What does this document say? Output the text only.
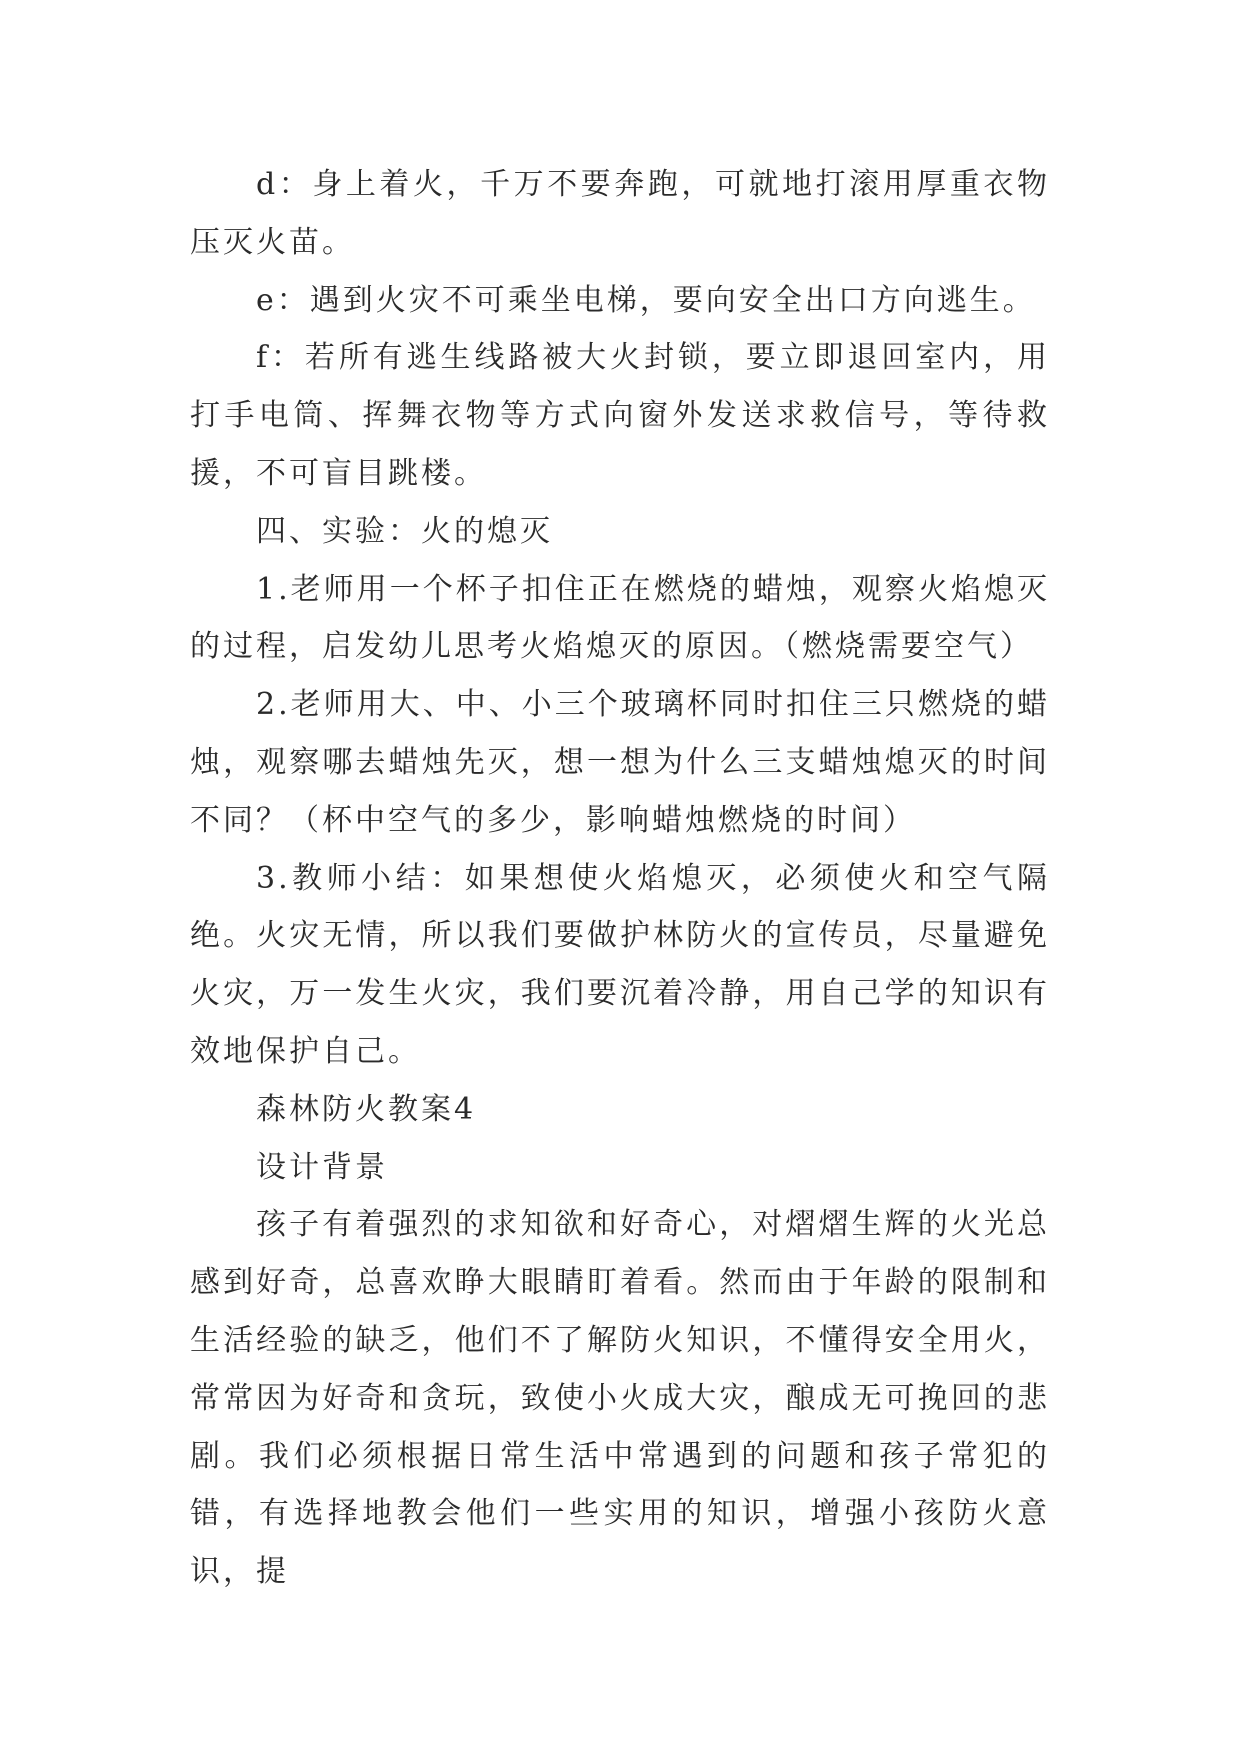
d：身上着火，千万不要奔跑，可就地打滚用厚重衣物压灭火苗。

e：遇到火灾不可乘坐电梯，要向安全出口方向逃生。

f：若所有逃生线路被大火封锁，要立即退回室内，用打手电筒、挥舞衣物等方式向窗外发送求救信号，等待救援，不可盲目跳楼。

四、实验：火的熄灭

1.老师用一个杯子扣住正在燃烧的蜡烛，观察火焰熄灭的过程，启发幼儿思考火焰熄灭的原因。（燃烧需要空气）

2.老师用大、中、小三个玻璃杯同时扣住三只燃烧的蜡烛，观察哪去蜡烛先灭，想一想为什么三支蜡烛熄灭的时间不同？（杯中空气的多少，影响蜡烛燃烧的时间）

3.教师小结：如果想使火焰熄灭，必须使火和空气隔绝。火灾无情，所以我们要做护林防火的宣传员，尽量避免火灾，万一发生火灾，我们要沉着冷静，用自己学的知识有效地保护自己。

森林防火教案4

设计背景

孩子有着强烈的求知欲和好奇心，对熠熠生辉的火光总感到好奇，总喜欢睁大眼睛盯着看。然而由于年龄的限制和生活经验的缺乏，他们不了解防火知识，不懂得安全用火，常常因为好奇和贪玩，致使小火成大灾，酿成无可挽回的悲剧。我们必须根据日常生活中常遇到的问题和孩子常犯的错，有选择地教会他们一些实用的知识，增强小孩防火意识，提
